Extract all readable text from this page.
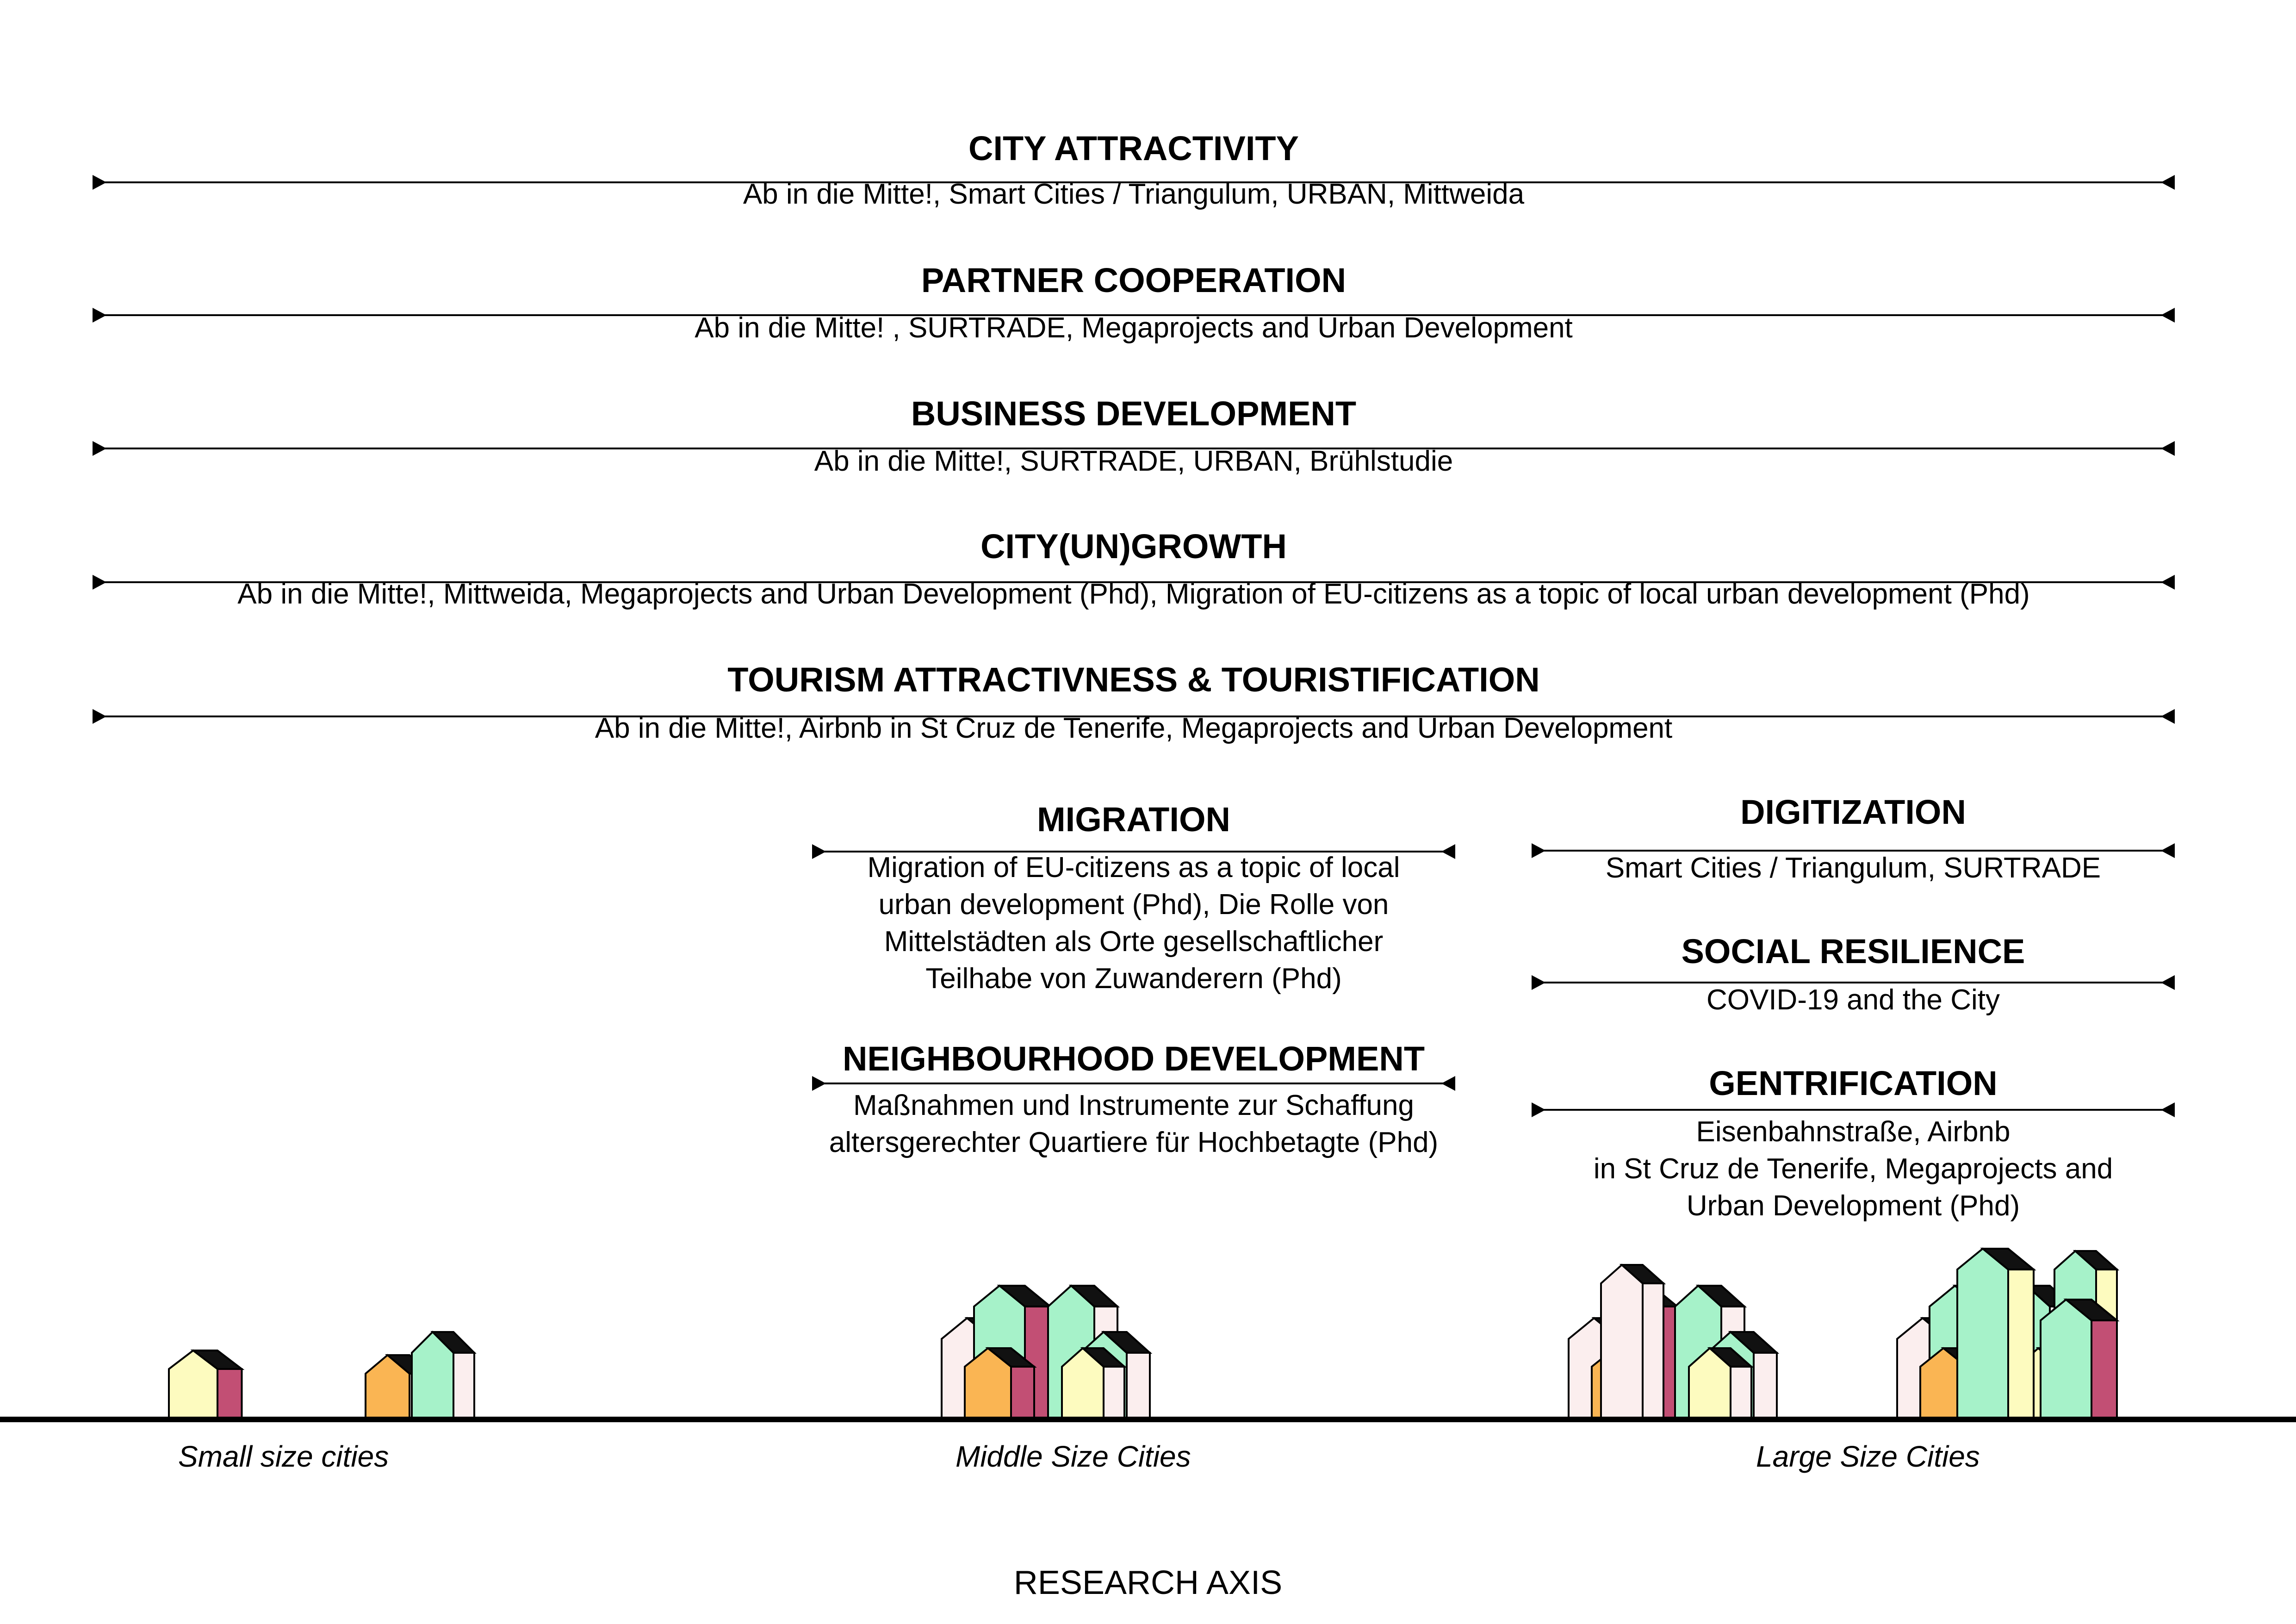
CITY ATTRACTIVITY
Ab in die Mitte!, Smart Cities / Triangulum, URBAN, Mittweida
PARTNER COOPERATION
Ab in die Mitte! , SURTRADE, Megaprojects and Urban Development
BUSINESS DEVELOPMENT
Ab in die Mitte!, SURTRADE, URBAN, Brühlstudie
CITY(UN)GROWTH
Ab in die Mitte!, Mittweida, Megaprojects and Urban Development (Phd), Migration of EU-citizens as a topic of local urban development (Phd)
TOURISM ATTRACTIVNESS & TOURISTIFICATION
Ab in die Mitte!, Airbnb in St Cruz de Tenerife, Megaprojects and Urban Development
MIGRATION
Migration of EU-citizens as a topic of local
urban development (Phd), Die Rolle von
Mittelstädten als Orte gesellschaftlicher
Teilhabe von Zuwanderern (Phd)
NEIGHBOURHOOD DEVELOPMENT
Maßnahmen und Instrumente zur Schaffung
altersgerechter Quartiere für Hochbetagte (Phd)
DIGITIZATION
Smart Cities / Triangulum, SURTRADE
SOCIAL RESILIENCE
COVID-19 and the City
GENTRIFICATION
Eisenbahnstraße, Airbnb
in St Cruz de Tenerife, Megaprojects and
Urban Development (Phd)
Small size cities	Middle Size Cities	Large Size Cities
RESEARCH AXIS
